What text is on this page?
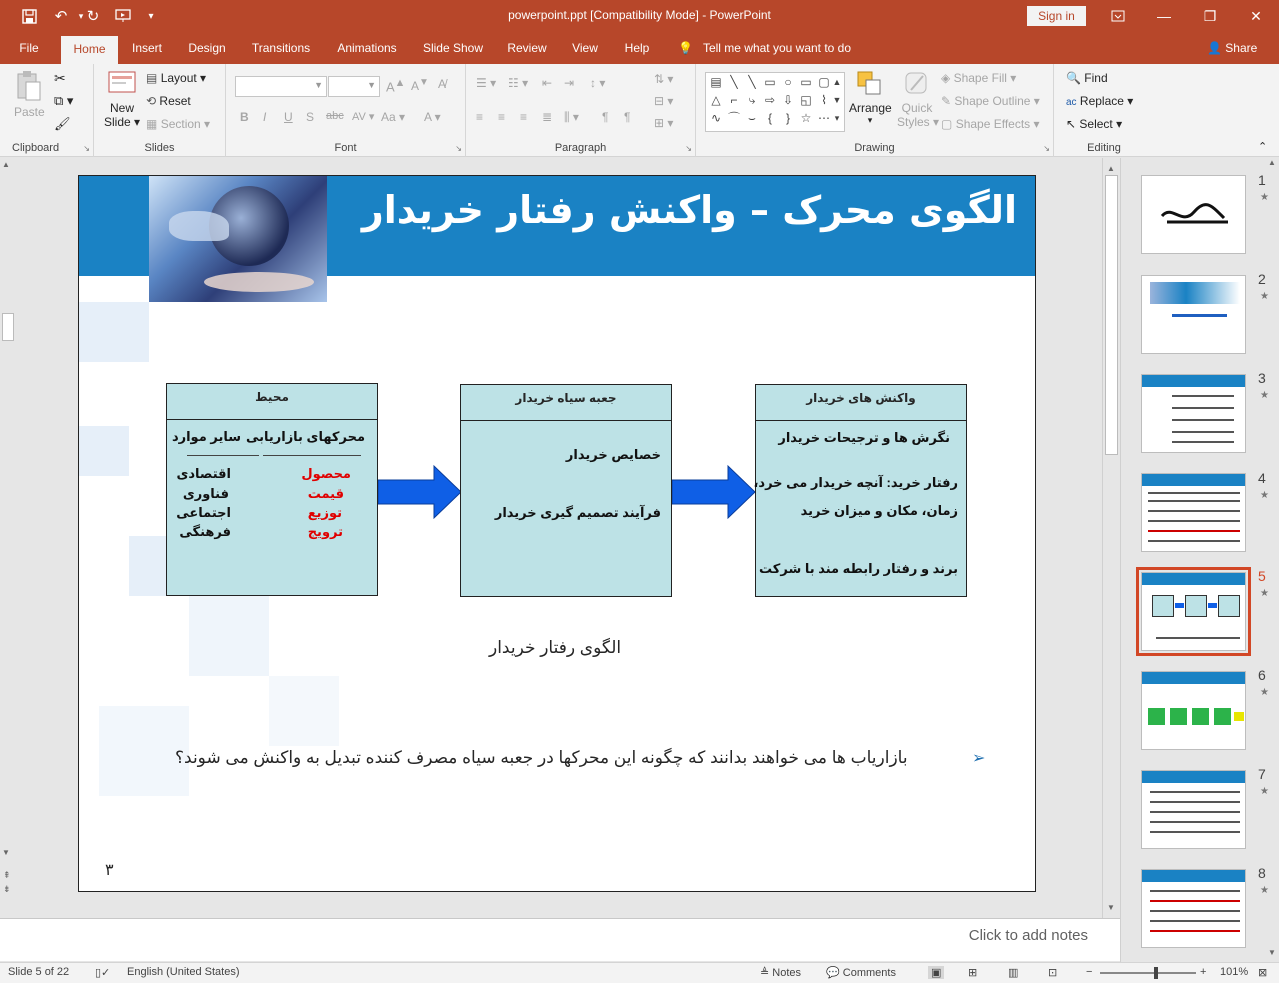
↶	▾ ↻	▾	powerpoint.ppt [Compatibility Mode] - PowerPoint	Sign in	—	❐	✕
File	Home	Insert	Design	Transitions	Animations	Slide Show	Review	View	Help	💡 Tell me what you want to do	👤 Share
Paste
✂
⧉ ▾
🖌
Clipboard	↘
New
Slide ▾
▤ Layout ▾
⟲ Reset
▦ Section ▾
Slides
▼	▼ A▲ A▼ A̸
B I U S abc AV ▾ Aa ▾ A ▾
Font	↘
☰ ▾ ☷ ▾ ⇤ ⇥ ↕ ▾	⇅ ▾
⊟ ▾
⊞ ▾
≡ ≡ ≡ ≣ ⫼ ▾ ¶ ¶
Paragraph	↘
Arrange
▾
Quick
Styles ▾
◈ Shape Fill ▾
✎ Shape Outline ▾
▢ Shape Effects ▾
Drawing	↘
🔍 Find
ac Replace ▾
↖ Select ▾
Editing	⌃
▤ ╲ ╲ ▭ ○ ▭ ▢
△ ⌐ ⤷ ⇨ ⇩ ◱ ⌇
∿ ⌒ ⌣	{	} ☆ ⋯
▲
▼
▾
▲
▼
⇞
⇟
الگوی محرک – واکنش رفتار خریدار
محیط
محرکهای بازاریابی
سایر موارد
محصول
قیمت
توزیع
ترویج
اقتصادی
فناوری
اجتماعی
فرهنگی
جعبه سیاه خریدار
خصایص خریدار
فرآیند تصمیم گیری خریدار
واکنش های خریدار
نگرش ها و ترجیحات خریدار
رفتار خرید: آنچه خریدار می خرد،
زمان، مکان و میزان خرید
برند و رفتار رابطه مند با شرکت
الگوی رفتار خریدار
➢
بازاریاب ها می خواهند بدانند که چگونه این محرکها در جعبه سیاه مصرف کننده تبدیل به واکنش می شوند؟
۳
▲
▼
Click to add notes
1
★
2
★
3
★
4
★
5
★
6
★
7
★
8
★
▲
▼
Slide 5 of 22 ▯✓ English (United States)	≜ Notes 💬 Comments	▣ ⊞	▥	⊡	−	+ 101% ⊠
